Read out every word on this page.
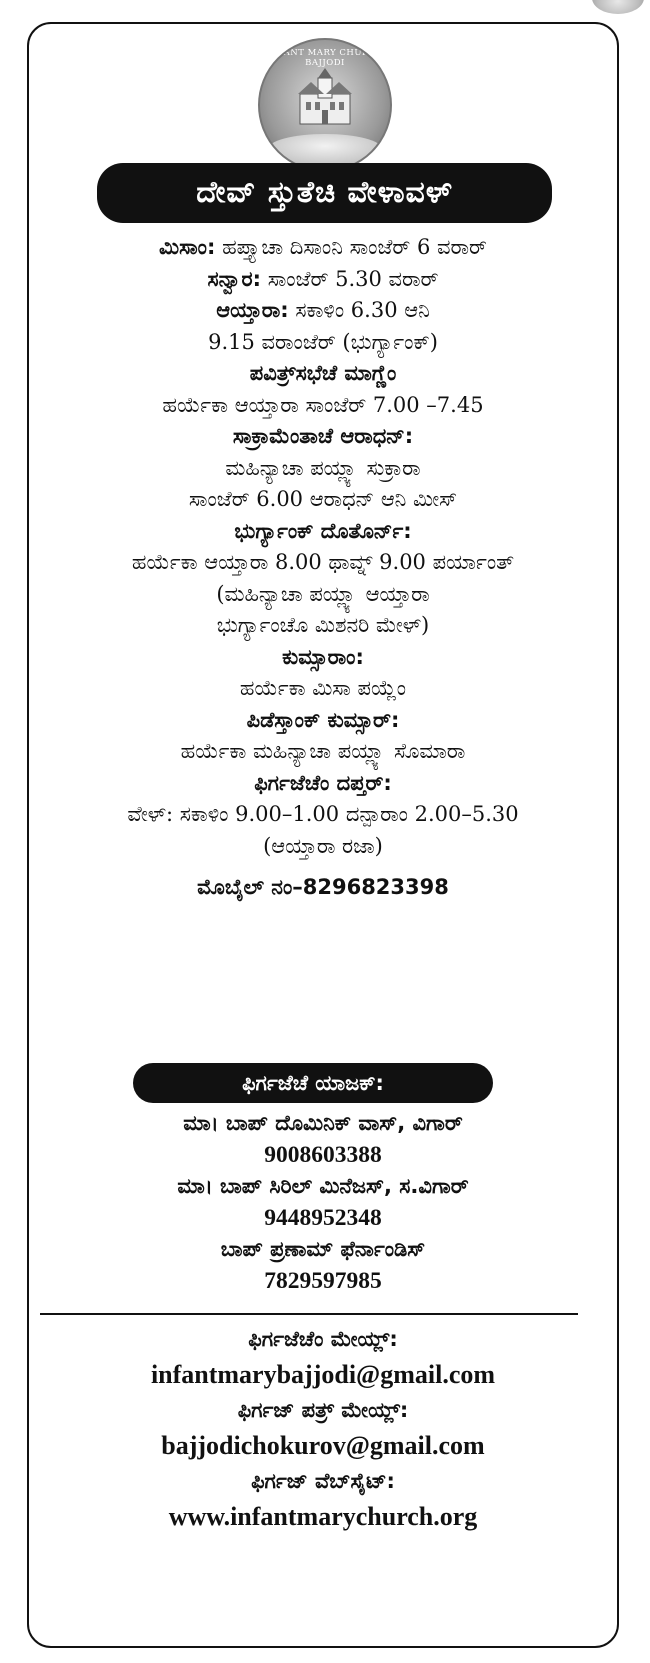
INFANT MARY CHURCH BAJJODI
ದೇವ್ ಸ್ತುತೆಚಿ ವೇಳಾವಳ್
ಮಿಸಾಂ: ಹಪ್ತ್ಯಾಚಾ ದಿಸಾಂನಿ ಸಾಂಜೆರ್ 6 ವರಾರ್
ಸನ್ವಾರ: ಸಾಂಜೆರ್ 5.30 ವರಾರ್
ಆಯ್ತಾರಾ: ಸಕಾಳಿಂ 6.30 ಆನಿ
9.15 ವರಾಂಜೆರ್ (ಭುರ್ಗ್ಯಾಂಕ್)
ಪವಿತ್ರ್‌ಸಭೆಚೆ ಮಾಗ್ಣೆಂ
ಹರ್ಯೆಕಾ ಆಯ್ತಾರಾ ಸಾಂಜೆರ್ 7.00 –7.45
ಸಾಕ್ರಾಮೆಂತಾಚೆ ಆರಾಧನ್:
ಮಹಿನ್ಯಾಚಾ ಪಯ್ಲ್ಯಾ ಸುಕ್ರಾರಾ
ಸಾಂಜೆರ್ 6.00 ಆರಾಧನ್ ಆನಿ ಮೀಸ್
ಭುರ್ಗ್ಯಾಂಕ್ ದೊತೊರ್ನ್:
ಹರ್ಯೆಕಾ ಆಯ್ತಾರಾ 8.00 ಥಾವ್ನ್ 9.00 ಪರ್ಯಾಂತ್
(ಮಹಿನ್ಯಾಚಾ ಪಯ್ಲ್ಯಾ ಆಯ್ತಾರಾ
ಭುರ್ಗ್ಯಾಂಚೊ ಮಿಶನರಿ ಮೇಳ್)
ಕುಮ್ಸಾರಾಂ:
ಹರ್ಯೆಕಾ ಮಿಸಾ ಪಯ್ಲೆಂ
ಪಿಡೆಸ್ತಾಂಕ್ ಕುಮ್ಸಾರ್:
ಹರ್ಯೆಕಾ ಮಹಿನ್ಯಾಚಾ ಪಯ್ಲ್ಯಾ ಸೊಮಾರಾ
ಫಿರ್ಗಜೆಚೆಂ ದಪ್ತರ್:
ವೇಳ್: ಸಕಾಳಿಂ 9.00–1.00 ದನ್ಪಾರಾಂ 2.00–5.30
(ಆಯ್ತಾರಾ ರಜಾ)
ಮೊಬೈಲ್ ನಂ–8296823398
ಫಿರ್ಗಜೆಚೆ ಯಾಜಕ್:
ಮಾ। ಬಾಪ್ ದೊಮಿನಿಕ್ ವಾಸ್, ವಿಗಾರ್
9008603388
ಮಾ। ಬಾಪ್ ಸಿರಿಲ್ ಮಿನೆಜಸ್, ಸ.ವಿಗಾರ್
9448952348
ಬಾಪ್ ಪ್ರಣಾಮ್ ಫೆರ್ನಾಂಡಿಸ್
7829597985
ಫಿರ್ಗಜೆಚೆಂ ಮೇಯ್ಲ್:
infantmarybajjodi@gmail.com
ಫಿರ್ಗಜ್ ಪತ್ರ್ ಮೇಯ್ಲ್:
bajjodichokurov@gmail.com
ಫಿರ್ಗಜ್ ವೆಬ್‌ಸೈಟ್:
www.infantmarychurch.org
